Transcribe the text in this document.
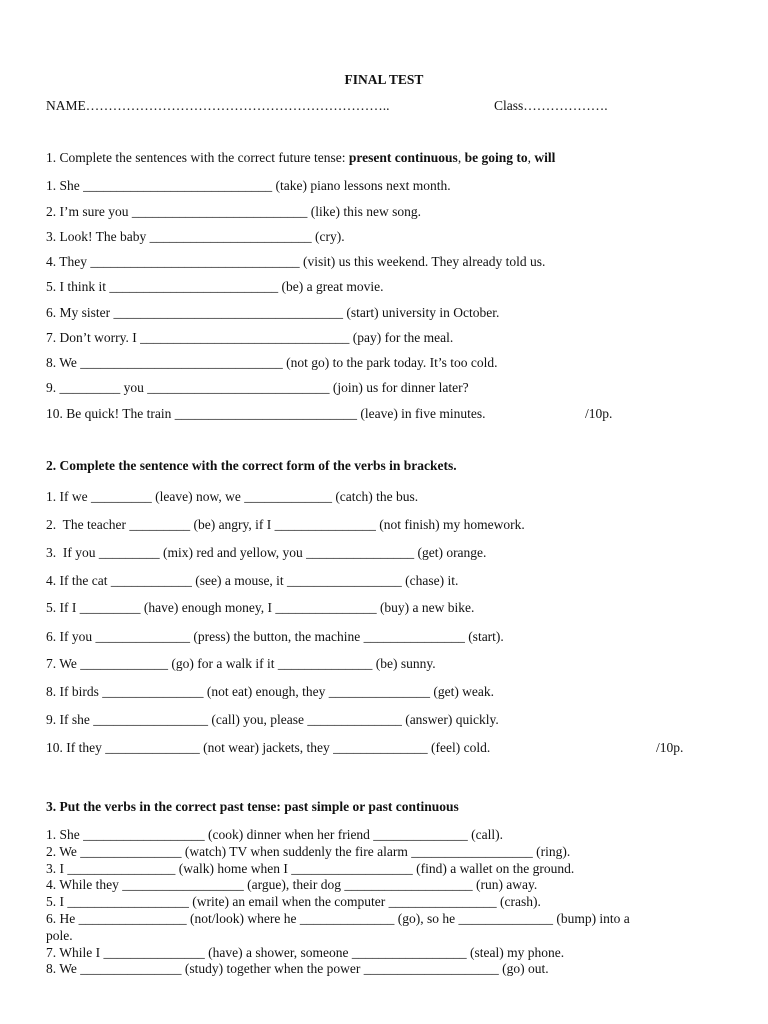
FINAL TEST
NAME…………………………………………………………..	Class……………….
1. Complete the sentences with the correct future tense: present continuous, be going to, will
1. She ____________________________ (take) piano lessons next month.
2. I’m sure you __________________________ (like) this new song.
3. Look! The baby ________________________ (cry).
4. They _______________________________ (visit) us this weekend. They already told us.
5. I think it _________________________ (be) a great movie.
6. My sister __________________________________ (start) university in October.
7. Don’t worry. I _______________________________ (pay) for the meal.
8. We ______________________________ (not go) to the park today. It’s too cold.
9. _________ you ___________________________ (join) us for dinner later?
10. Be quick! The train ___________________________ (leave) in five minutes.	/10p.
2. Complete the sentence with the correct form of the verbs in brackets.
1. If we _________ (leave) now, we _____________ (catch) the bus.
2.  The teacher _________ (be) angry, if I _______________ (not finish) my homework.
3.  If you _________ (mix) red and yellow, you ________________ (get) orange.
4. If the cat ____________ (see) a mouse, it _________________ (chase) it.
5. If I _________ (have) enough money, I _______________ (buy) a new bike.
6. If you ______________ (press) the button, the machine _______________ (start).
7. We _____________ (go) for a walk if it ______________ (be) sunny.
8. If birds _______________ (not eat) enough, they _______________ (get) weak.
9. If she _________________ (call) you, please ______________ (answer) quickly.
10. If they ______________ (not wear) jackets, they ______________ (feel) cold.	/10p.
3. Put the verbs in the correct past tense: past simple or past continuous
1. She __________________ (cook) dinner when her friend ______________ (call).
2. We _______________ (watch) TV when suddenly the fire alarm __________________ (ring).
3. I ________________ (walk) home when I __________________ (find) a wallet on the ground.
4. While they __________________ (argue), their dog ___________________ (run) away.
5. I __________________ (write) an email when the computer ________________ (crash).
6. He ________________ (not/look) where he ______________ (go), so he ______________ (bump) into a
pole.
7. While I _______________ (have) a shower, someone _________________ (steal) my phone.
8. We _______________ (study) together when the power ____________________ (go) out.
